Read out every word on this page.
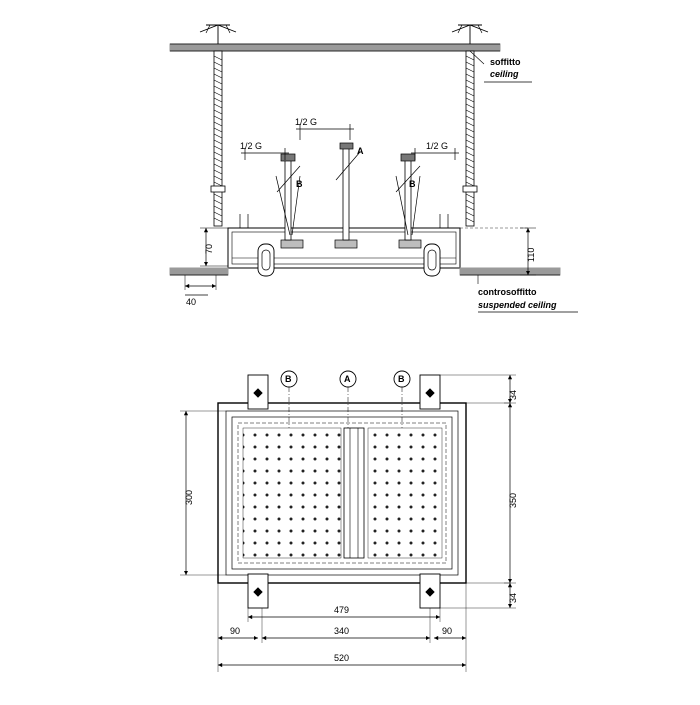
soffitto
ceiling
controsoffitto
suspended ceiling
1/2 G
1/2 G	1/2 G
A
B	B
70	110
40
B	A	B
300	350
34
34
479
340
90	90
520
